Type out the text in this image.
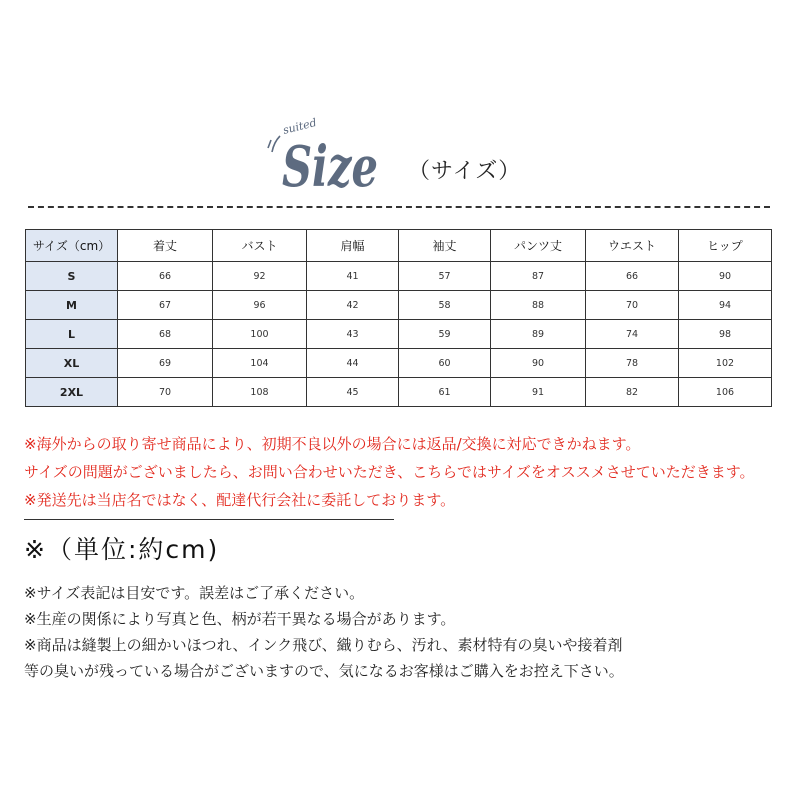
suited
Size （サイズ）
サイズ（cm）	着丈	バスト	肩幅	袖丈	パンツ丈	ウエスト	ヒップ
S	66	92	41	57	87	66	90
M	67	96	42	58	88	70	94
L	68	100	43	59	89	74	98
XL	69	104	44	60	90	78	102
2XL	70	108	45	61	91	82	106
※海外からの取り寄せ商品により、初期不良以外の場合には返品/交換に対応できかねます。
サイズの問題がございましたら、お問い合わせいただき、こちらではサイズをオススメさせていただきます。
※発送先は当店名ではなく、配達代行会社に委託しております。
※（単位:約cm)
※サイズ表記は目安です。誤差はご了承ください。
※生産の関係により写真と色、柄が若干異なる場合があります。
※商品は縫製上の細かいほつれ、インク飛び、織りむら、汚れ、素材特有の臭いや接着剤
等の臭いが残っている場合がございますので、気になるお客様はご購入をお控え下さい。
